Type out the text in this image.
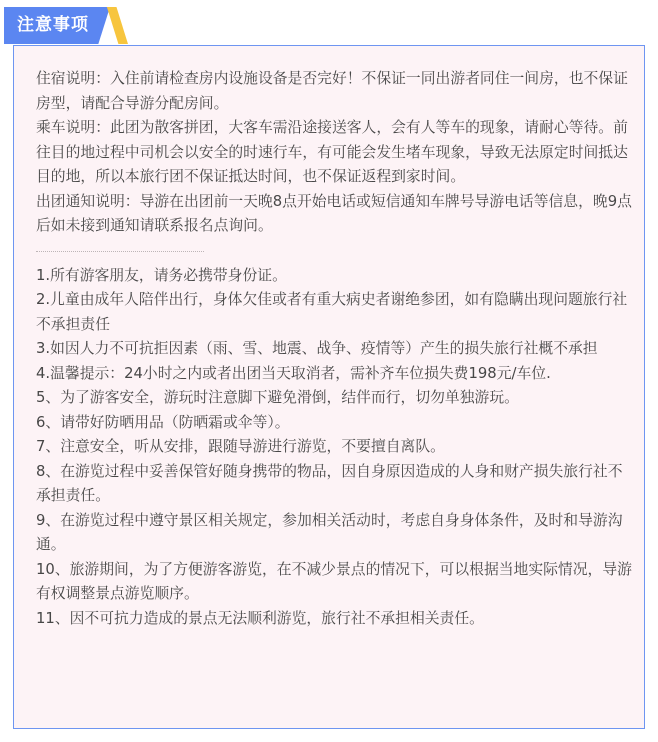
注意事项

住宿说明：入住前请检查房内设施设备是否完好！不保证一同出游者同住一间房，也不保证房型，请配合导游分配房间。

乘车说明：此团为散客拼团，大客车需沿途接送客人，会有人等车的现象，请耐心等待。前往目的地过程中司机会以安全的时速行车，有可能会发生堵车现象，导致无法原定时间抵达目的地，所以本旅行团不保证抵达时间，也不保证返程到家时间。

出团通知说明：导游在出团前一天晚8点开始电话或短信通知车牌号导游电话等信息，晚9点后如未接到通知请联系报名点询问。

1.所有游客朋友，请务必携带身份证。

2.儿童由成年人陪伴出行，身体欠佳或者有重大病史者谢绝参团，如有隐瞒出现问题旅行社不承担责任

3.如因人力不可抗拒因素（雨、雪、地震、战争、疫情等）产生的损失旅行社概不承担

4.温馨提示：24小时之内或者出团当天取消者，需补齐车位损失费198元/车位.

5、为了游客安全，游玩时注意脚下避免滑倒，结伴而行，切勿单独游玩。

6、请带好防晒用品（防晒霜或伞等）。

7、注意安全，听从安排，跟随导游进行游览，不要擅自离队。

8、在游览过程中妥善保管好随身携带的物品，因自身原因造成的人身和财产损失旅行社不承担责任。

9、在游览过程中遵守景区相关规定，参加相关活动时，考虑自身身体条件，及时和导游沟通。

10、旅游期间，为了方便游客游览，在不减少景点的情况下，可以根据当地实际情况，导游有权调整景点游览顺序。

11、因不可抗力造成的景点无法顺利游览，旅行社不承担相关责任。
